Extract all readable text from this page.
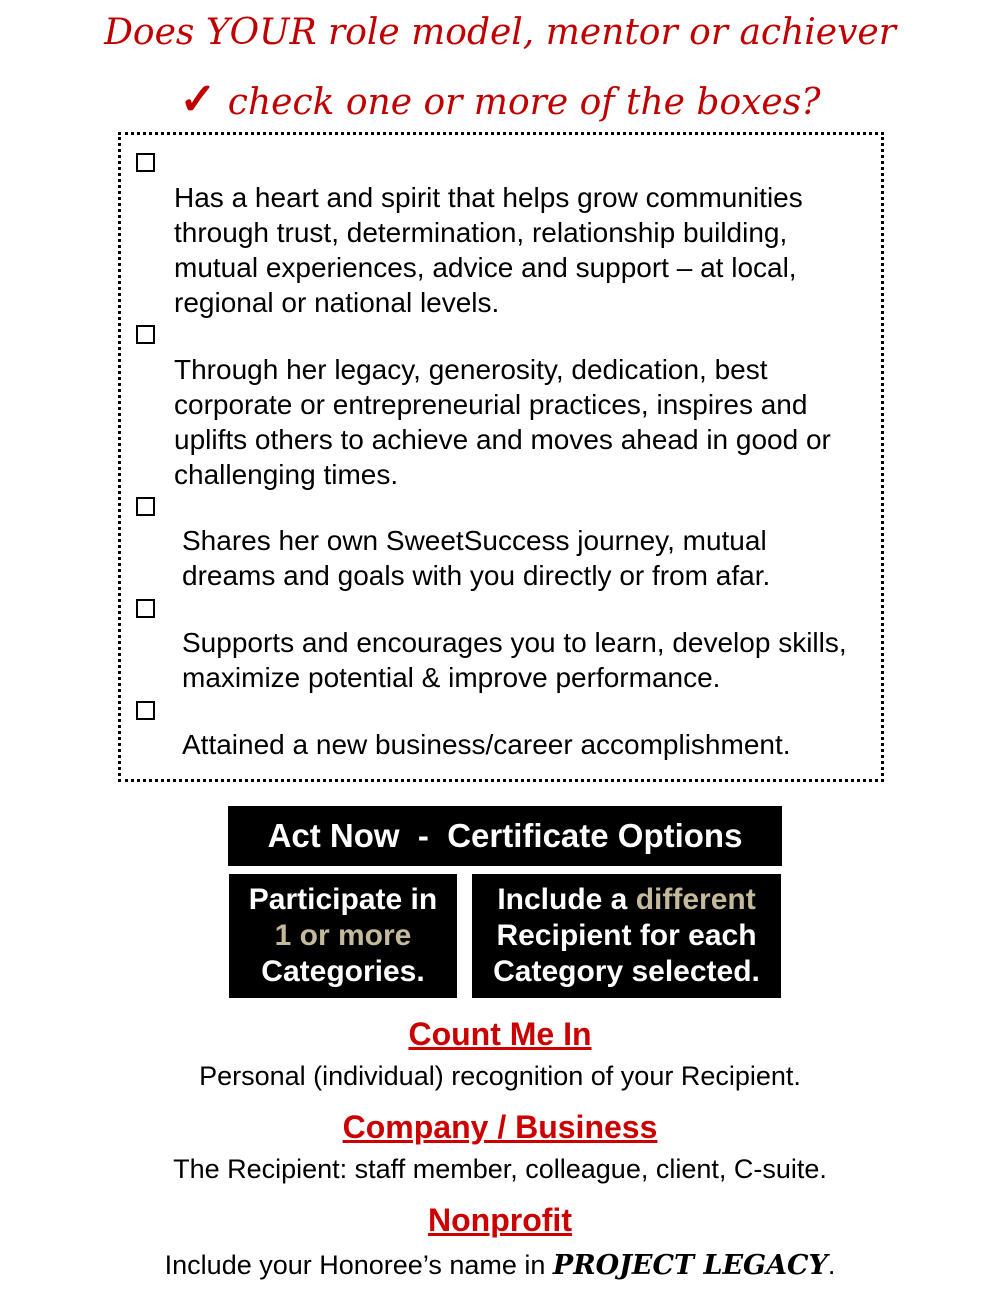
Does YOUR role model, mentor or achiever
✓ check one or more of the boxes?
Has a heart and spirit that helps grow communities through trust, determination, relationship building, mutual experiences, advice and support – at local, regional or national levels.
Through her legacy, generosity, dedication, best corporate or entrepreneurial practices, inspires and uplifts others to achieve and moves ahead in good or challenging times.
Shares her own SweetSuccess journey, mutual dreams and goals with you directly or from afar.
Supports and encourages you to learn, develop skills, maximize potential & improve performance.
Attained a new business/career accomplishment.
Act Now  -  Certificate Options
Participate in 1 or more Categories.
Include a different Recipient for each Category selected.
Count Me In
Personal (individual) recognition of your Recipient.
Company / Business
The Recipient: staff member, colleague, client, C-suite.
Nonprofit
Include your Honoree’s name in PROJECT LEGACY.
